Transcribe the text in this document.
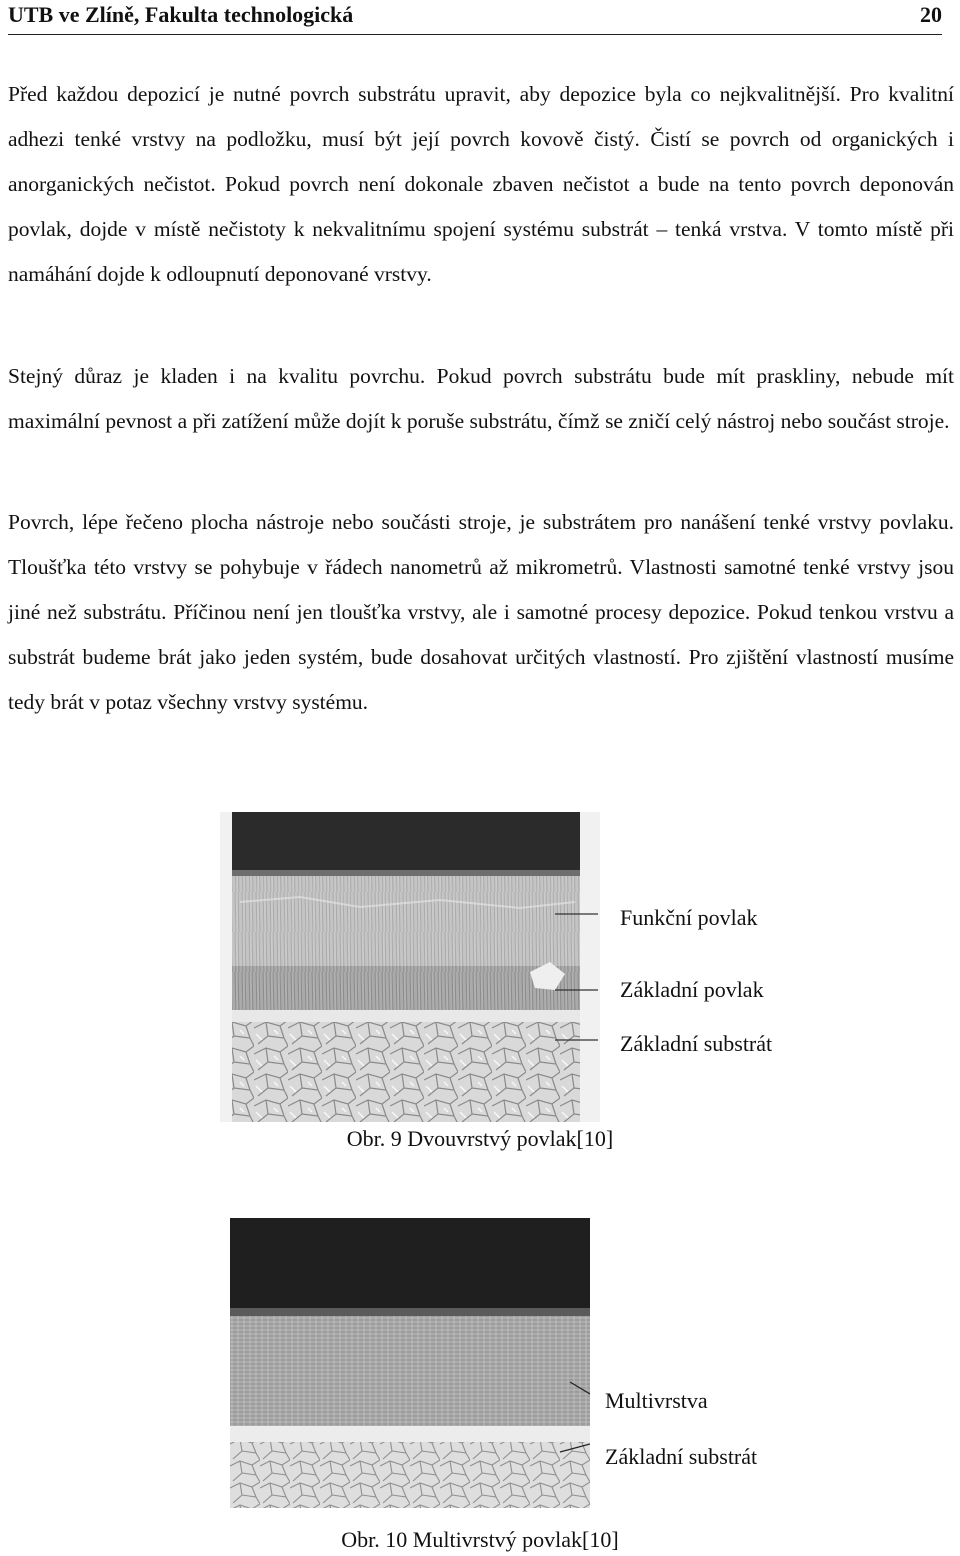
UTB ve Zlíně, Fakulta technologická	20

Před každou depozicí je nutné povrch substrátu upravit, aby depozice byla co nejkvalitnější. Pro kvalitní adhezi tenké vrstvy na podložku, musí být její povrch kovově čistý. Čistí se povrch od organických i anorganických nečistot. Pokud povrch není dokonale zbaven nečistot a bude na tento povrch deponován povlak, dojde v místě nečistoty k nekvalitnímu spojení systému substrát – tenká vrstva. V tomto místě při namáhání dojde k odloupnutí deponované vrstvy.

Stejný důraz je kladen i na kvalitu povrchu. Pokud povrch substrátu bude mít praskliny, nebude mít maximální pevnost a při zatížení může dojít k poruše substrátu, čímž se zničí celý nástroj nebo součást stroje.

Povrch, lépe řečeno plocha nástroje nebo součásti stroje, je substrátem pro nanášení tenké vrstvy povlaku. Tloušťka této vrstvy se pohybuje v řádech nanometrů až mikrometrů. Vlastnosti samotné tenké vrstvy jsou jiné než substrátu. Příčinou není jen tloušťka vrstvy, ale i samotné procesy depozice. Pokud tenkou vrstvu a substrát budeme brát jako jeden systém, bude dosahovat určitých vlastností. Pro zjištění vlastností musíme tedy brát v potaz všechny vrstvy systému.

Funkční povlak
Základní povlak
Základní substrát
Obr. 9 Dvouvrstvý povlak[10]
Multivrstva
Základní substrát
Obr. 10 Multivrstvý povlak[10]
